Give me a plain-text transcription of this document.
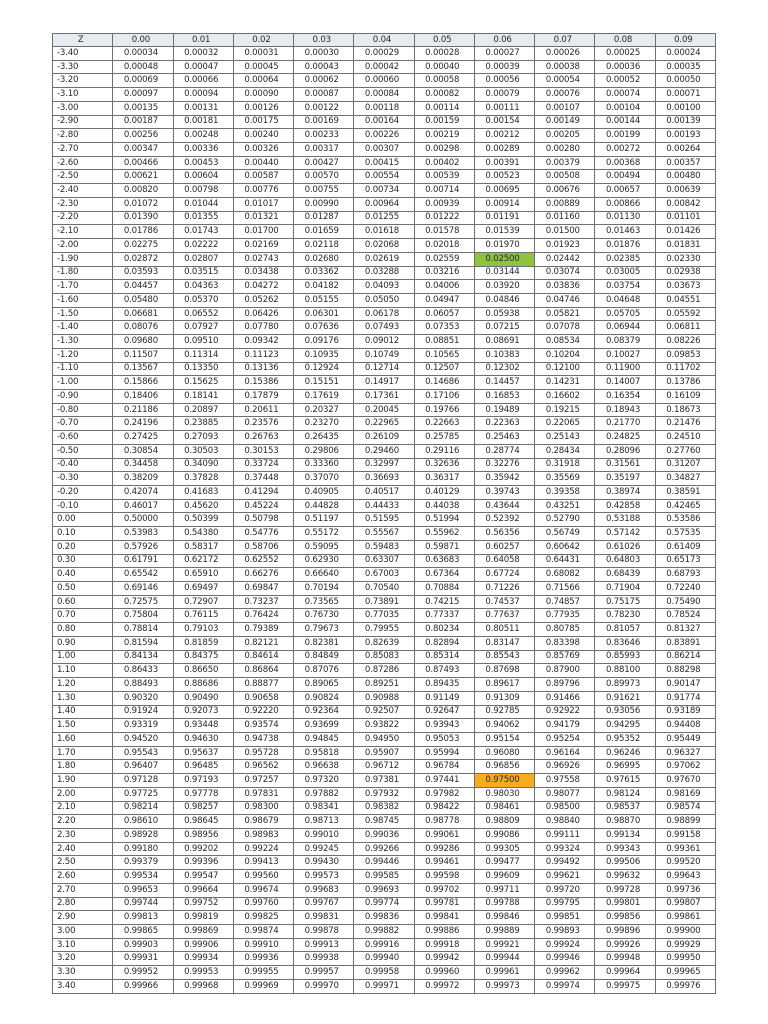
Z	0.00	0.01	0.02	0.03	0.04	0.05	0.06	0.07	0.08	0.09
-3.40	0.00034	0.00032	0.00031	0.00030	0.00029	0.00028	0.00027	0.00026	0.00025	0.00024
-3.30	0.00048	0.00047	0.00045	0.00043	0.00042	0.00040	0.00039	0.00038	0.00036	0.00035
-3.20	0.00069	0.00066	0.00064	0.00062	0.00060	0.00058	0.00056	0.00054	0.00052	0.00050
-3.10	0.00097	0.00094	0.00090	0.00087	0.00084	0.00082	0.00079	0.00076	0.00074	0.00071
-3.00	0.00135	0.00131	0.00126	0.00122	0.00118	0.00114	0.00111	0.00107	0.00104	0.00100
-2.90	0.00187	0.00181	0.00175	0.00169	0.00164	0.00159	0.00154	0.00149	0.00144	0.00139
-2.80	0.00256	0.00248	0.00240	0.00233	0.00226	0.00219	0.00212	0.00205	0.00199	0.00193
-2.70	0.00347	0.00336	0.00326	0.00317	0.00307	0.00298	0.00289	0.00280	0.00272	0.00264
-2.60	0.00466	0.00453	0.00440	0.00427	0.00415	0.00402	0.00391	0.00379	0.00368	0.00357
-2.50	0.00621	0.00604	0.00587	0.00570	0.00554	0.00539	0.00523	0.00508	0.00494	0.00480
-2.40	0.00820	0.00798	0.00776	0.00755	0.00734	0.00714	0.00695	0.00676	0.00657	0.00639
-2.30	0.01072	0.01044	0.01017	0.00990	0.00964	0.00939	0.00914	0.00889	0.00866	0.00842
-2.20	0.01390	0.01355	0.01321	0.01287	0.01255	0.01222	0.01191	0.01160	0.01130	0.01101
-2.10	0.01786	0.01743	0.01700	0.01659	0.01618	0.01578	0.01539	0.01500	0.01463	0.01426
-2.00	0.02275	0.02222	0.02169	0.02118	0.02068	0.02018	0.01970	0.01923	0.01876	0.01831
-1.90	0.02872	0.02807	0.02743	0.02680	0.02619	0.02559	0.02500	0.02442	0.02385	0.02330
-1.80	0.03593	0.03515	0.03438	0.03362	0.03288	0.03216	0.03144	0.03074	0.03005	0.02938
-1.70	0.04457	0.04363	0.04272	0.04182	0.04093	0.04006	0.03920	0.03836	0.03754	0.03673
-1.60	0.05480	0.05370	0.05262	0.05155	0.05050	0.04947	0.04846	0.04746	0.04648	0.04551
-1.50	0.06681	0.06552	0.06426	0.06301	0.06178	0.06057	0.05938	0.05821	0.05705	0.05592
-1.40	0.08076	0.07927	0.07780	0.07636	0.07493	0.07353	0.07215	0.07078	0.06944	0.06811
-1.30	0.09680	0.09510	0.09342	0.09176	0.09012	0.08851	0.08691	0.08534	0.08379	0.08226
-1.20	0.11507	0.11314	0.11123	0.10935	0.10749	0.10565	0.10383	0.10204	0.10027	0.09853
-1.10	0.13567	0.13350	0.13136	0.12924	0.12714	0.12507	0.12302	0.12100	0.11900	0.11702
-1.00	0.15866	0.15625	0.15386	0.15151	0.14917	0.14686	0.14457	0.14231	0.14007	0.13786
-0.90	0.18406	0.18141	0.17879	0.17619	0.17361	0.17106	0.16853	0.16602	0.16354	0.16109
-0.80	0.21186	0.20897	0.20611	0.20327	0.20045	0.19766	0.19489	0.19215	0.18943	0.18673
-0.70	0.24196	0.23885	0.23576	0.23270	0.22965	0.22663	0.22363	0.22065	0.21770	0.21476
-0.60	0.27425	0.27093	0.26763	0.26435	0.26109	0.25785	0.25463	0.25143	0.24825	0.24510
-0.50	0.30854	0.30503	0.30153	0.29806	0.29460	0.29116	0.28774	0.28434	0.28096	0.27760
-0.40	0.34458	0.34090	0.33724	0.33360	0.32997	0.32636	0.32276	0.31918	0.31561	0.31207
-0.30	0.38209	0.37828	0.37448	0.37070	0.36693	0.36317	0.35942	0.35569	0.35197	0.34827
-0.20	0.42074	0.41683	0.41294	0.40905	0.40517	0.40129	0.39743	0.39358	0.38974	0.38591
-0.10	0.46017	0.45620	0.45224	0.44828	0.44433	0.44038	0.43644	0.43251	0.42858	0.42465
0.00	0.50000	0.50399	0.50798	0.51197	0.51595	0.51994	0.52392	0.52790	0.53188	0.53586
0.10	0.53983	0.54380	0.54776	0.55172	0.55567	0.55962	0.56356	0.56749	0.57142	0.57535
0.20	0.57926	0.58317	0.58706	0.59095	0.59483	0.59871	0.60257	0.60642	0.61026	0.61409
0.30	0.61791	0.62172	0.62552	0.62930	0.63307	0.63683	0.64058	0.64431	0.64803	0.65173
0.40	0.65542	0.65910	0.66276	0.66640	0.67003	0.67364	0.67724	0.68082	0.68439	0.68793
0.50	0.69146	0.69497	0.69847	0.70194	0.70540	0.70884	0.71226	0.71566	0.71904	0.72240
0.60	0.72575	0.72907	0.73237	0.73565	0.73891	0.74215	0.74537	0.74857	0.75175	0.75490
0.70	0.75804	0.76115	0.76424	0.76730	0.77035	0.77337	0.77637	0.77935	0.78230	0.78524
0.80	0.78814	0.79103	0.79389	0.79673	0.79955	0.80234	0.80511	0.80785	0.81057	0.81327
0.90	0.81594	0.81859	0.82121	0.82381	0.82639	0.82894	0.83147	0.83398	0.83646	0.83891
1.00	0.84134	0.84375	0.84614	0.84849	0.85083	0.85314	0.85543	0.85769	0.85993	0.86214
1.10	0.86433	0.86650	0.86864	0.87076	0.87286	0.87493	0.87698	0.87900	0.88100	0.88298
1.20	0.88493	0.88686	0.88877	0.89065	0.89251	0.89435	0.89617	0.89796	0.89973	0.90147
1.30	0.90320	0.90490	0.90658	0.90824	0.90988	0.91149	0.91309	0.91466	0.91621	0.91774
1.40	0.91924	0.92073	0.92220	0.92364	0.92507	0.92647	0.92785	0.92922	0.93056	0.93189
1.50	0.93319	0.93448	0.93574	0.93699	0.93822	0.93943	0.94062	0.94179	0.94295	0.94408
1.60	0.94520	0.94630	0.94738	0.94845	0.94950	0.95053	0.95154	0.95254	0.95352	0.95449
1.70	0.95543	0.95637	0.95728	0.95818	0.95907	0.95994	0.96080	0.96164	0.96246	0.96327
1.80	0.96407	0.96485	0.96562	0.96638	0.96712	0.96784	0.96856	0.96926	0.96995	0.97062
1.90	0.97128	0.97193	0.97257	0.97320	0.97381	0.97441	0.97500	0.97558	0.97615	0.97670
2.00	0.97725	0.97778	0.97831	0.97882	0.97932	0.97982	0.98030	0.98077	0.98124	0.98169
2.10	0.98214	0.98257	0.98300	0.98341	0.98382	0.98422	0.98461	0.98500	0.98537	0.98574
2.20	0.98610	0.98645	0.98679	0.98713	0.98745	0.98778	0.98809	0.98840	0.98870	0.98899
2.30	0.98928	0.98956	0.98983	0.99010	0.99036	0.99061	0.99086	0.99111	0.99134	0.99158
2.40	0.99180	0.99202	0.99224	0.99245	0.99266	0.99286	0.99305	0.99324	0.99343	0.99361
2.50	0.99379	0.99396	0.99413	0.99430	0.99446	0.99461	0.99477	0.99492	0.99506	0.99520
2.60	0.99534	0.99547	0.99560	0.99573	0.99585	0.99598	0.99609	0.99621	0.99632	0.99643
2.70	0.99653	0.99664	0.99674	0.99683	0.99693	0.99702	0.99711	0.99720	0.99728	0.99736
2.80	0.99744	0.99752	0.99760	0.99767	0.99774	0.99781	0.99788	0.99795	0.99801	0.99807
2.90	0.99813	0.99819	0.99825	0.99831	0.99836	0.99841	0.99846	0.99851	0.99856	0.99861
3.00	0.99865	0.99869	0.99874	0.99878	0.99882	0.99886	0.99889	0.99893	0.99896	0.99900
3.10	0.99903	0.99906	0.99910	0.99913	0.99916	0.99918	0.99921	0.99924	0.99926	0.99929
3.20	0.99931	0.99934	0.99936	0.99938	0.99940	0.99942	0.99944	0.99946	0.99948	0.99950
3.30	0.99952	0.99953	0.99955	0.99957	0.99958	0.99960	0.99961	0.99962	0.99964	0.99965
3.40	0.99966	0.99968	0.99969	0.99970	0.99971	0.99972	0.99973	0.99974	0.99975	0.99976
